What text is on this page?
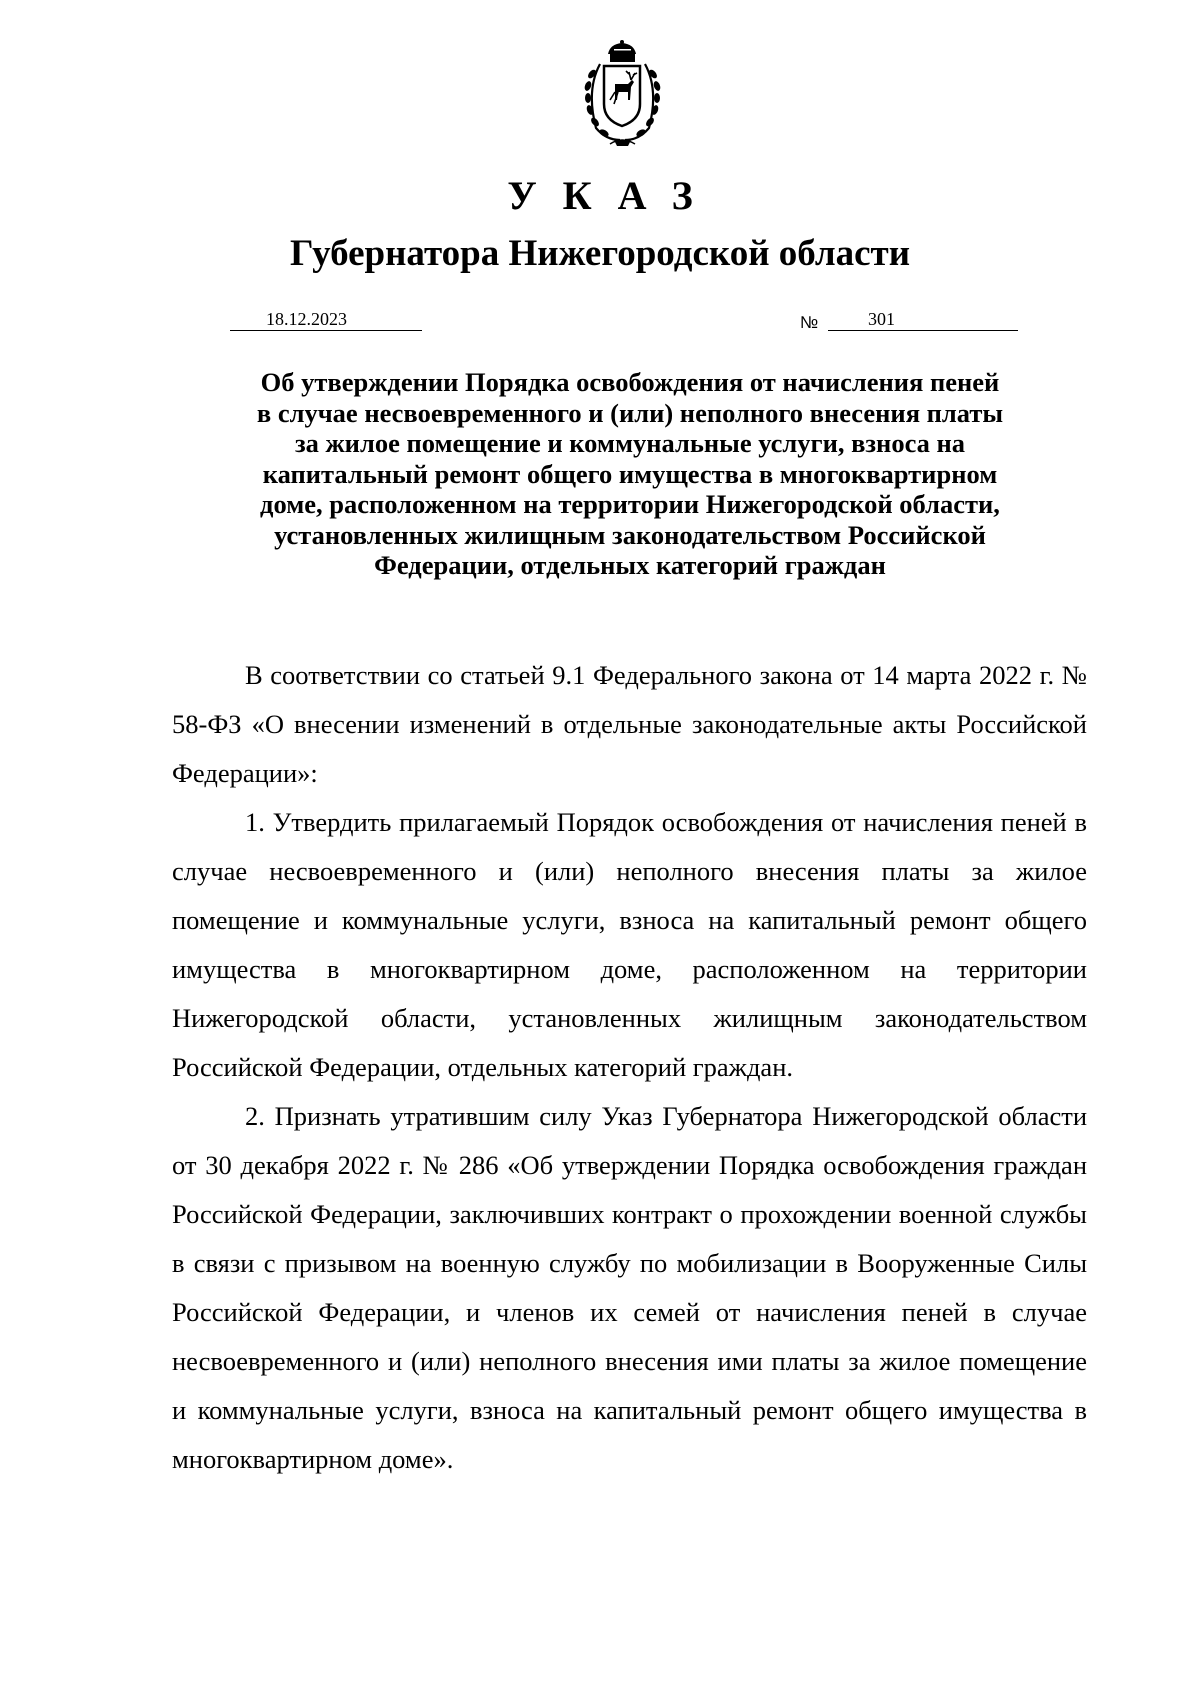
УКАЗ
Губернатора Нижегородской области
18.12.2023	№	301
Об утверждении Порядка освобождения от начисления пеней
в случае несвоевременного и (или) неполного внесения платы
за жилое помещение и коммунальные услуги, взноса на
капитальный ремонт общего имущества в многоквартирном
доме, расположенном на территории Нижегородской области,
установленных жилищным законодательством Российской
Федерации, отдельных категорий граждан

В соответствии со статьей 9.1 Федерального закона от 14 марта 2022 г. № 58-ФЗ «О внесении изменений в отдельные законодательные акты Российской Федерации»:

1. Утвердить прилагаемый Порядок освобождения от начисления пеней в случае несвоевременного и (или) неполного внесения платы за жилое помещение и коммунальные услуги, взноса на капитальный ремонт общего имущества в многоквартирном доме, расположенном на территории Нижегородской области, установленных жилищным законодательством Российской Федерации, отдельных категорий граждан.

2. Признать утратившим силу Указ Губернатора Нижегородской области от 30 декабря 2022 г. № 286 «Об утверждении Порядка освобождения граждан Российской Федерации, заключивших контракт о прохождении военной службы в связи с призывом на военную службу по мобилизации в Вооруженные Силы Российской Федерации, и членов их семей от начисления пеней в случае несвоевременного и (или) неполного внесения ими платы за жилое помещение и коммунальные услуги, взноса на капитальный ремонт общего имущества в многоквартирном доме».
